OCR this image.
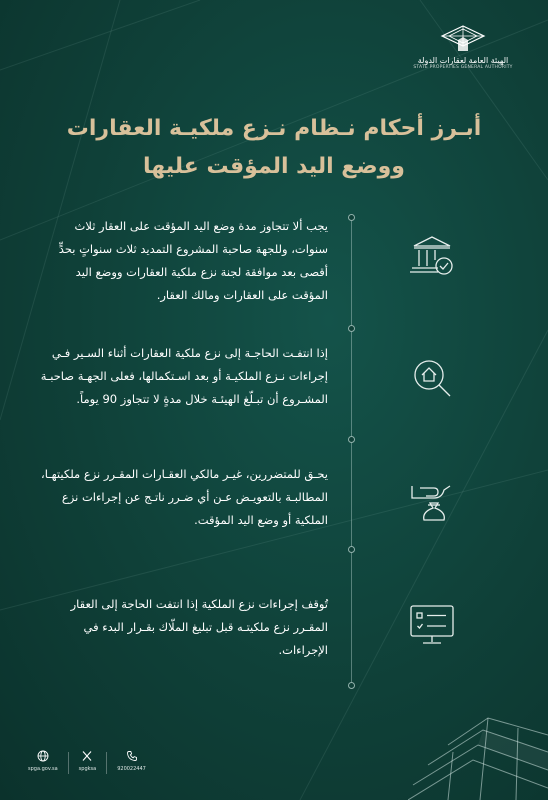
الهيئة العامة لعقارات الدولة
STATE PROPERTIES GENERAL AUTHORITY
أبـرز أحكام نـظام نـزع ملكيـة العقارات
ووضع اليد المؤقت عليها
يجب ألا تتجاوز مدة وضع اليد المؤقت على العقار ثلاث سنوات، وللجهة صاحبة المشروع التمديد ثلاث سنواتٍ بحدٍّ أقصى بعد موافقة لجنة نزع ملكية العقارات ووضع اليد المؤقت على العقارات ومالك العقار.
إذا انتفـت الحاجـة إلى نزع ملكية العقارات أثناء السـير فـي إجراءات نـزع الملكيـة أو بعد اسـتكمالها، فعلى الجهـة صاحبـة المشـروع أن تبـلّغ الهيئـة خلال مدةٍ لا تتجاوز 90 يوماً.
يحـق للمتضررين، غيـر مالكي العقـارات المقـرر نزع ملكيتهـا، المطالبـة بالتعويـض عـن أي ضـرر ناتـج عن إجراءات نزع الملكية أو وضع اليد المؤقت.
تُوقف إجراءات نزع الملكية إذا انتفت الحاجة إلى العقار المقـرر نزع ملكيتـه قبل تبليغ الملّاك بقـرار البدء في الإجراءات.
spga.gov.sa	spgksa	920022447
